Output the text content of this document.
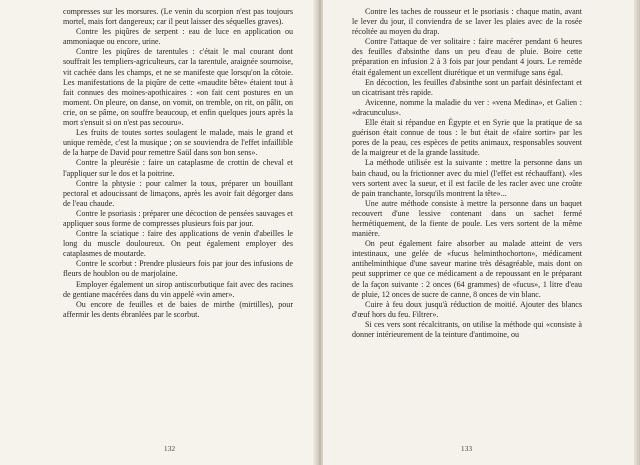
compresses sur les morsures. (Le venin du scorpion n'est pas toujours mortel, mais fort dangereux; car il peut laisser des séquelles graves).

Contre les piqûres de serpent : eau de luce en application ou ammoniaque ou encore, urine.

Contre les piqûres de tarentules : c'était le mal courant dont souffrait les templiers-agriculteurs, car la tarentule, araignée sournoise, vit cachée dans les champs, et ne se manifeste que lorsqu'on la côtoie. Les manifestations de la piqûre de cette «maudite bête» étaient tout à fait connues des moines-apothicaires : «on fait cent postures en un moment. On pleure, on danse, on vomit, on tremble, on rit, on pâlit, on crie, on se pâme, on souffre beaucoup, et enfin quelques jours après la mort s'ensuit si on n'est pas secouru».

Les fruits de toutes sortes soulagent le malade, mais le grand et unique remède, c'est la musique ; on se souviendra de l'effet infaillible de la harpe de David pour remettre Saül dans son bon sens».

Contre la pleurésie : faire un cataplasme de crottin de cheval et l'appliquer sur le dos et la poitrine.

Contre la phtysie : pour calmer la toux, préparer un bouillant pectoral et adoucissant de limaçons, après les avoir fait dégorger dans de l'eau chaude.

Contre le psoriasis : préparer une décoction de pensées sauvages et appliquer sous forme de compresses plusieurs fois par jour.

Contre la sciatique : faire des applications de venin d'abeilles le long du muscle douloureux. On peut également employer des cataplasmes de moutarde.

Contre le scorbut : Prendre plusieurs fois par jour des infusions de fleurs de houblon ou de marjolaine.

Employer également un sirop antiscorbutique fait avec des racines de gentiane macérées dans du vin appelé «vin amer».

Ou encore de feuilles et de baies de mirthe (mirtilles), pour affermir les dents ébranlées par le scorbut.

132

Contre les taches de rousseur et le psoriasis : chaque matin, avant le lever du jour, il conviendra de se laver les plaies avec de la rosée récoltée au moyen du drap.

Contre l'attaque de ver solitaire : faire macérer pendant 6 heures des feuilles d'absinthe dans un peu d'eau de pluie. Boire cette préparation en infusion 2 à 3 fois par jour pendant 4 jours. Le remède était également un excellent diurétique et un vermifuge sans égal.

En décoction, les feuilles d'absinthe sont un parfait désinfectant et un cicatrisant très rapide.

Avicenne, nomme la maladie du ver : «vena Medina», et Galien : «dracunculus».

Elle était si répandue en Égypte et en Syrie que la pratique de sa guérison était connue de tous : le but était de «faire sortir» par les pores de la peau, ces espèces de petits animaux, responsables souvent de la maigreur et de la grande lassitude.

La méthode utilisée est la suivante : mettre la personne dans un bain chaud, ou la frictionner avec du miel (l'effet est réchauffant). «les vers sortent avec la sueur, et il est facile de les racler avec une croûte de pain tranchante, lorsqu'ils montrent la tête»...

Une autre méthode consiste à mettre la personne dans un baquet recouvert d'une lessive contenant dans un sachet fermé hermétiquement, de la fiente de poule. Les vers sortent de la même manière.

On peut également faire absorber au malade atteint de vers intestinaux, une gelée de «fucus helminthochorton», médicament antihelminthique d'une saveur marine très désagréable, mais dont on peut supprimer ce que ce médicament a de repoussant en le préparant de la façon suivante : 2 onces (64 grammes) de «fucus», 1 litre d'eau de pluie, 12 onces de sucre de canne, 8 onces de vin blanc.

Cuire à feu doux jusqu'à réduction de moitié. Ajouter des blancs d'œuf hors du feu. Filtrer».

Si ces vers sont récalcitrants, on utilise la méthode qui «consiste à donner intérieurement de la teinture d'antimoine, ou

133
